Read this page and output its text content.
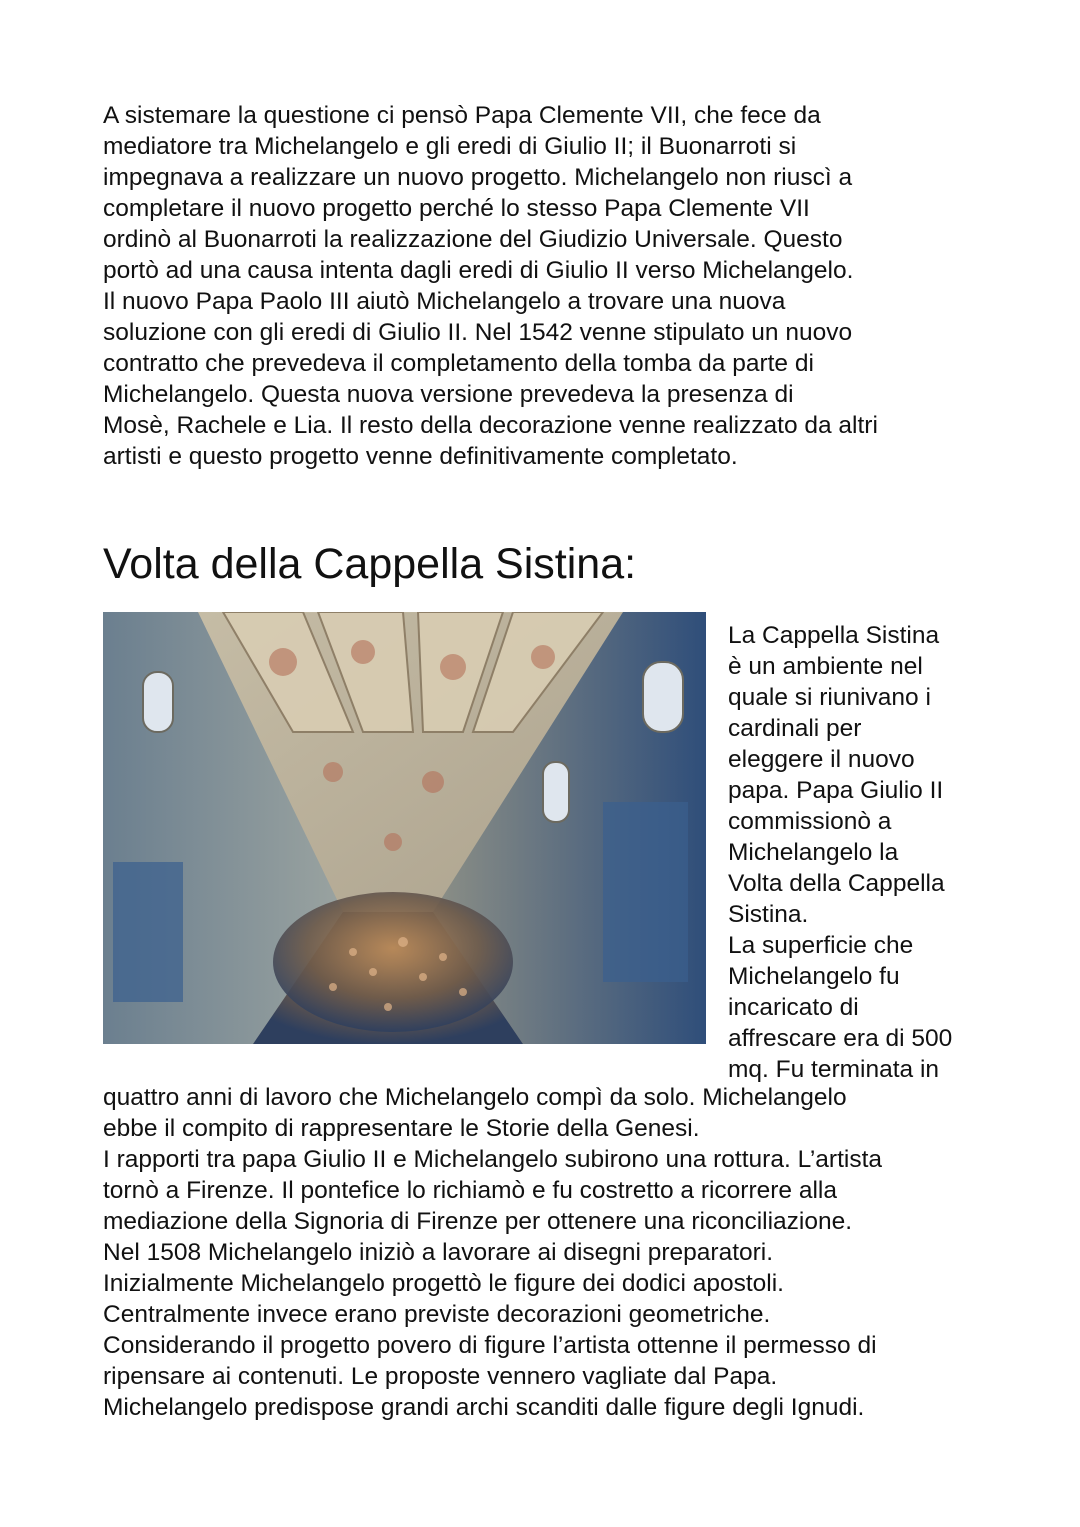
A sistemare la questione ci pensò Papa Clemente VII, che fece da
mediatore tra Michelangelo e gli eredi di Giulio II; il Buonarroti si
impegnava a realizzare un nuovo progetto. Michelangelo non riuscì a
completare il nuovo progetto perché lo stesso Papa Clemente VII
ordinò al Buonarroti la realizzazione del Giudizio Universale. Questo
portò ad una causa intenta dagli eredi di Giulio II verso Michelangelo.
Il nuovo Papa Paolo III aiutò Michelangelo a trovare una nuova
soluzione con gli eredi di Giulio II. Nel 1542 venne stipulato un nuovo
contratto che prevedeva il completamento della tomba da parte di
Michelangelo. Questa nuova versione prevedeva la presenza di
Mosè, Rachele e Lia. Il resto della decorazione venne realizzato da altri
artisti e questo progetto venne definitivamente completato.

Volta della Cappella Sistina:

La Cappella Sistina
è un ambiente nel
quale si riunivano i
cardinali per
eleggere il nuovo
papa. Papa Giulio II
commissionò a
Michelangelo la
Volta della Cappella
Sistina.
La superficie che
Michelangelo fu
incaricato di
affrescare era di 500
mq. Fu terminata in

quattro anni di lavoro che Michelangelo compì da solo. Michelangelo
ebbe il compito di rappresentare le Storie della Genesi.
I rapporti tra papa Giulio II e Michelangelo subirono una rottura. L’artista
tornò a Firenze. Il pontefice lo richiamò e fu costretto a ricorrere alla
mediazione della Signoria di Firenze per ottenere una riconciliazione.
Nel 1508 Michelangelo iniziò a lavorare ai disegni preparatori.
Inizialmente Michelangelo progettò le figure dei dodici apostoli.
Centralmente invece erano previste decorazioni geometriche.
Considerando il progetto povero di figure l’artista ottenne il permesso di
ripensare ai contenuti. Le proposte vennero vagliate dal Papa.
Michelangelo predispose grandi archi scanditi dalle figure degli Ignudi.
